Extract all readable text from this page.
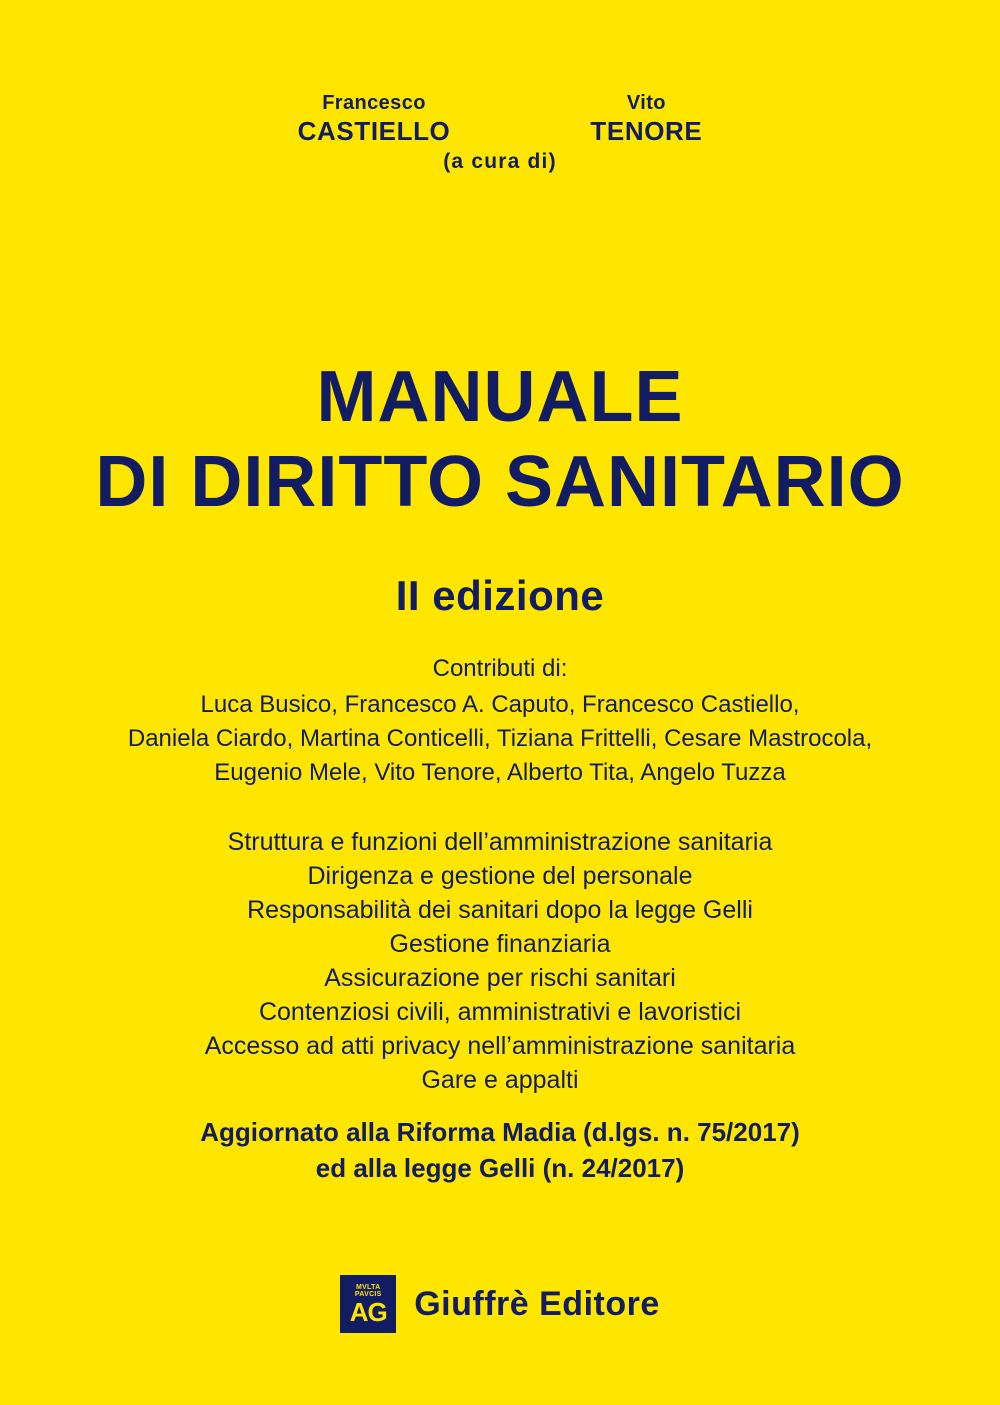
Francesco
CASTIELLO
Vito
TENORE
(a cura di)
MANUALE
DI DIRITTO SANITARIO
II edizione
Contributi di:
Luca Busico, Francesco A. Caputo, Francesco Castiello,
Daniela Ciardo, Martina Conticelli, Tiziana Frittelli, Cesare Mastrocola,
Eugenio Mele, Vito Tenore, Alberto Tita, Angelo Tuzza
Struttura e funzioni dell’amministrazione sanitaria
Dirigenza e gestione del personale
Responsabilità dei sanitari dopo la legge Gelli
Gestione finanziaria
Assicurazione per rischi sanitari
Contenziosi civili, amministrativi e lavoristici
Accesso ad atti privacy nell’amministrazione sanitaria
Gare e appalti
Aggiornato alla Riforma Madia (d.lgs. n. 75/2017)
ed alla legge Gelli (n. 24/2017)
MVLTA
PAVCIS
AG Giuffrè Editore
